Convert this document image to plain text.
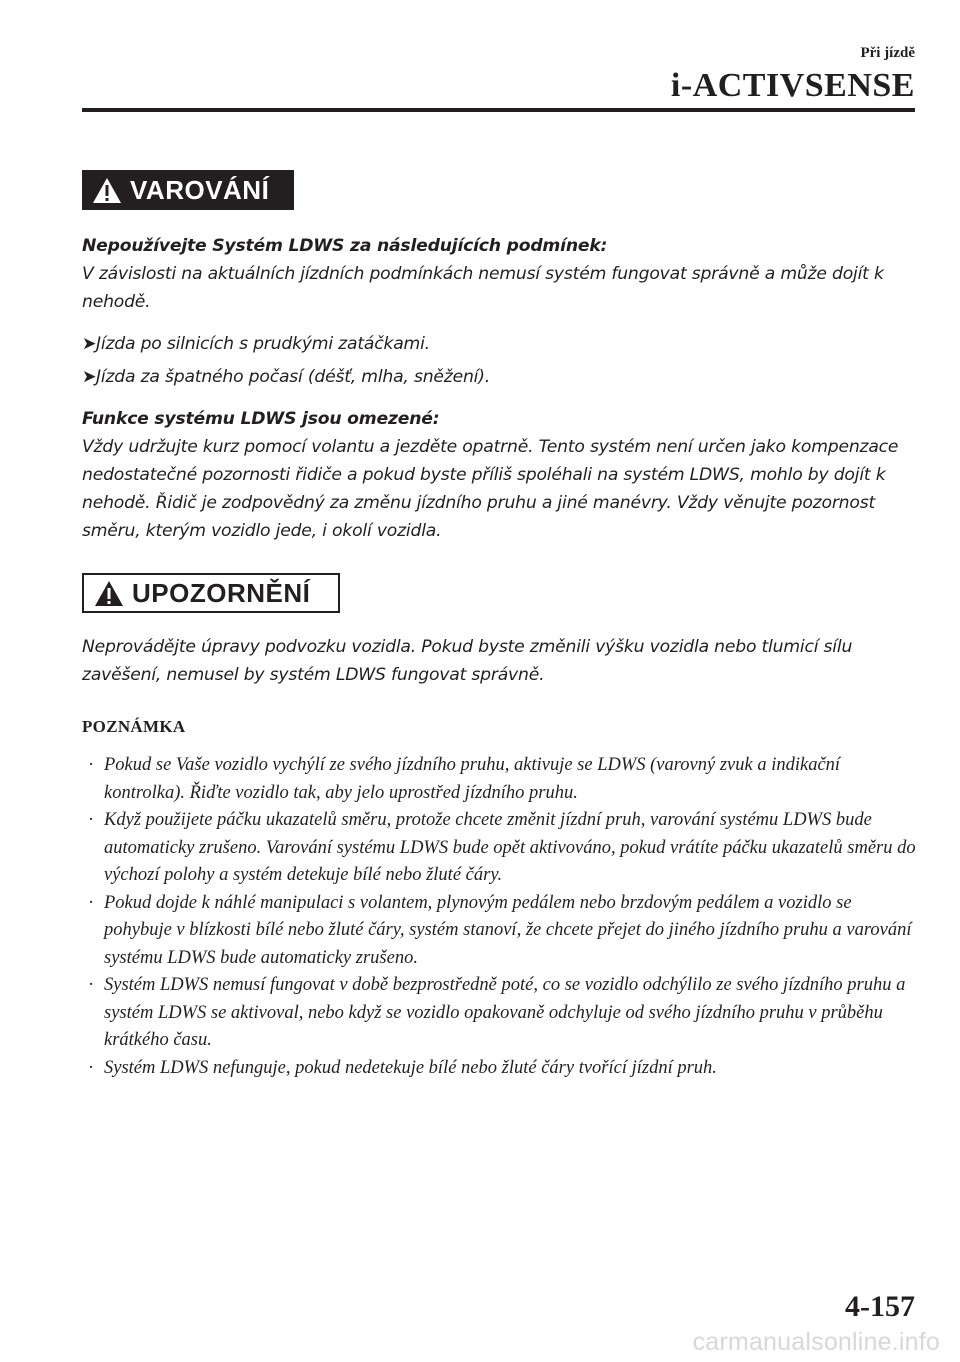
Při jízdě
i-ACTIVSENSE
VAROVÁNÍ
Nepoužívejte Systém LDWS za následujících podmínek:
V závislosti na aktuálních jízdních podmínkách nemusí systém fungovat správně a může dojít k nehodě.
➤ Jízda po silnicích s prudkými zatáčkami.
➤ Jízda za špatného počasí (déšť, mlha, sněžení).
Funkce systému LDWS jsou omezené:
Vždy udržujte kurz pomocí volantu a jezděte opatrně. Tento systém není určen jako kompenzace nedostatečné pozornosti řidiče a pokud byste příliš spoléhali na systém LDWS, mohlo by dojít k nehodě. Řidič je zodpovědný za změnu jízdního pruhu a jiné manévry. Vždy věnujte pozornost směru, kterým vozidlo jede, i okolí vozidla.
UPOZORNĚNÍ
Neprovádějte úpravy podvozku vozidla. Pokud byste změnili výšku vozidla nebo tlumicí sílu zavěšení, nemusel by systém LDWS fungovat správně.
POZNÁMKA
· Pokud se Vaše vozidlo vychýlí ze svého jízdního pruhu, aktivuje se LDWS (varovný zvuk a indikační kontrolka). Řiďte vozidlo tak, aby jelo uprostřed jízdního pruhu.
· Když použijete páčku ukazatelů směru, protože chcete změnit jízdní pruh, varování systému LDWS bude automaticky zrušeno. Varování systému LDWS bude opět aktivováno, pokud vrátíte páčku ukazatelů směru do výchozí polohy a systém detekuje bílé nebo žluté čáry.
· Pokud dojde k náhlé manipulaci s volantem, plynovým pedálem nebo brzdovým pedálem a vozidlo se pohybuje v blízkosti bílé nebo žluté čáry, systém stanoví, že chcete přejet do jiného jízdního pruhu a varování systému LDWS bude automaticky zrušeno.
· Systém LDWS nemusí fungovat v době bezprostředně poté, co se vozidlo odchýlilo ze svého jízdního pruhu a systém LDWS se aktivoval, nebo když se vozidlo opakovaně odchyluje od svého jízdního pruhu v průběhu krátkého času.
· Systém LDWS nefunguje, pokud nedetekuje bílé nebo žluté čáry tvořící jízdní pruh.
4-157
carmanualsonline.info
